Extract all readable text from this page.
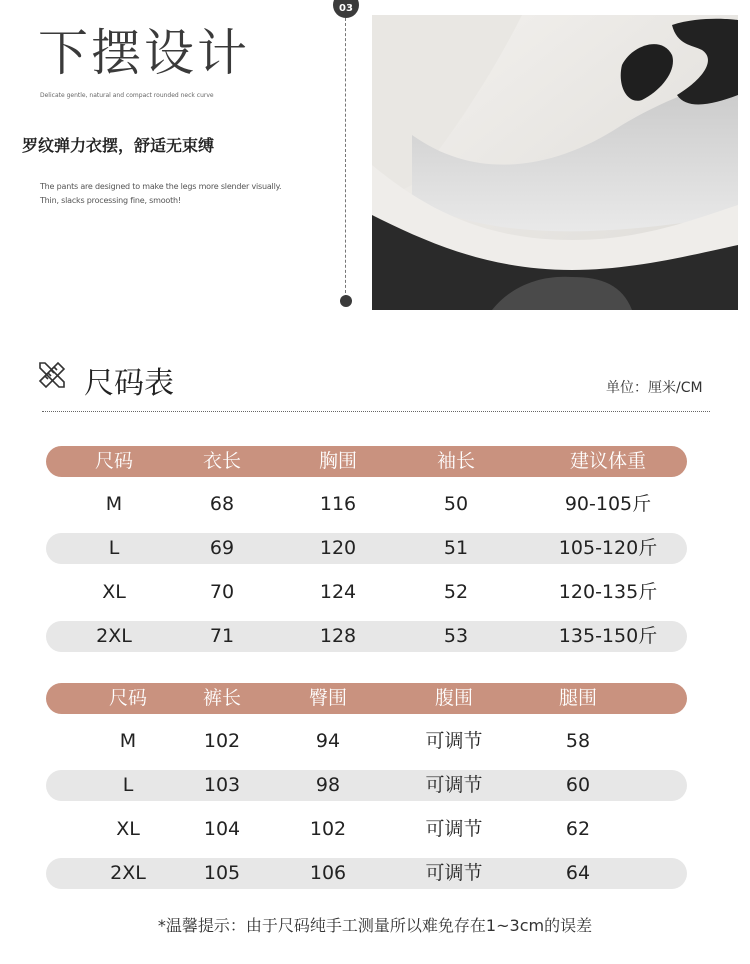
03
下摆设计
Delicate gentle, natural and compact rounded neck curve
罗纹弹力衣摆，舒适无束缚
The pants are designed to make the legs more slender visually.
Thin, slacks processing fine, smooth!
尺码表	单位：厘米/CM
尺码	衣长	胸围	袖长	建议体重
M	68	116	50	90-105斤
L	69	120	51	105-120斤
XL	70	124	52	120-135斤
2XL	71	128	53	135-150斤
尺码	裤长	臀围	腹围	腿围
M	102	94	可调节	58
L	103	98	可调节	60
XL	104	102	可调节	62
2XL	105	106	可调节	64
*温馨提示：由于尺码纯手工测量所以难免存在1~3cm的误差
